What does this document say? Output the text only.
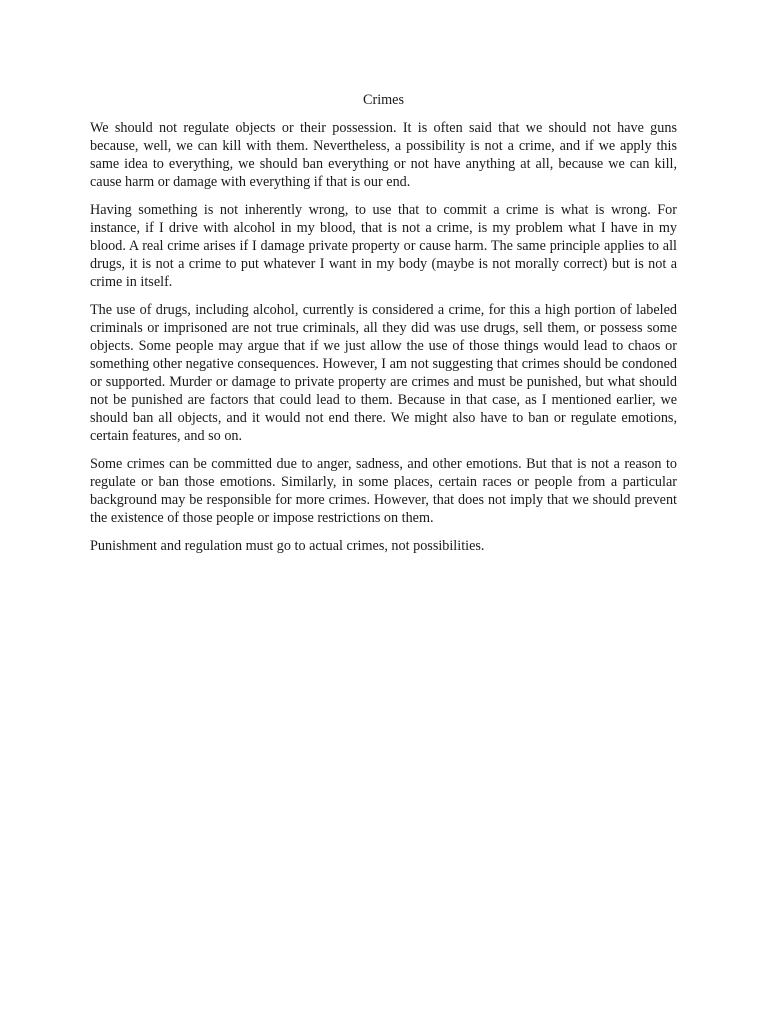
Crimes

We should not regulate objects or their possession. It is often said that we should not have guns because, well, we can kill with them. Nevertheless, a possibility is not a crime, and if we apply this same idea to everything, we should ban everything or not have anything at all, because we can kill, cause harm or damage with everything if that is our end.

Having something is not inherently wrong, to use that to commit a crime is what is wrong. For instance, if I drive with alcohol in my blood, that is not a crime, is my problem what I have in my blood. A real crime arises if I damage private property or cause harm. The same principle applies to all drugs, it is not a crime to put whatever I want in my body (maybe is not morally correct) but is not a crime in itself.

The use of drugs, including alcohol, currently is considered a crime, for this a high portion of labeled criminals or imprisoned are not true criminals, all they did was use drugs, sell them, or possess some objects. Some people may argue that if we just allow the use of those things would lead to chaos or something other negative consequences. However, I am not suggesting that crimes should be condoned or supported. Murder or damage to private property are crimes and must be punished, but what should not be punished are factors that could lead to them. Because in that case, as I mentioned earlier, we should ban all objects, and it would not end there. We might also have to ban or regulate emotions, certain features, and so on.

Some crimes can be committed due to anger, sadness, and other emotions. But that is not a reason to regulate or ban those emotions. Similarly, in some places, certain races or people from a particular background may be responsible for more crimes. However, that does not imply that we should prevent the existence of those people or impose restrictions on them.

Punishment and regulation must go to actual crimes, not possibilities.
